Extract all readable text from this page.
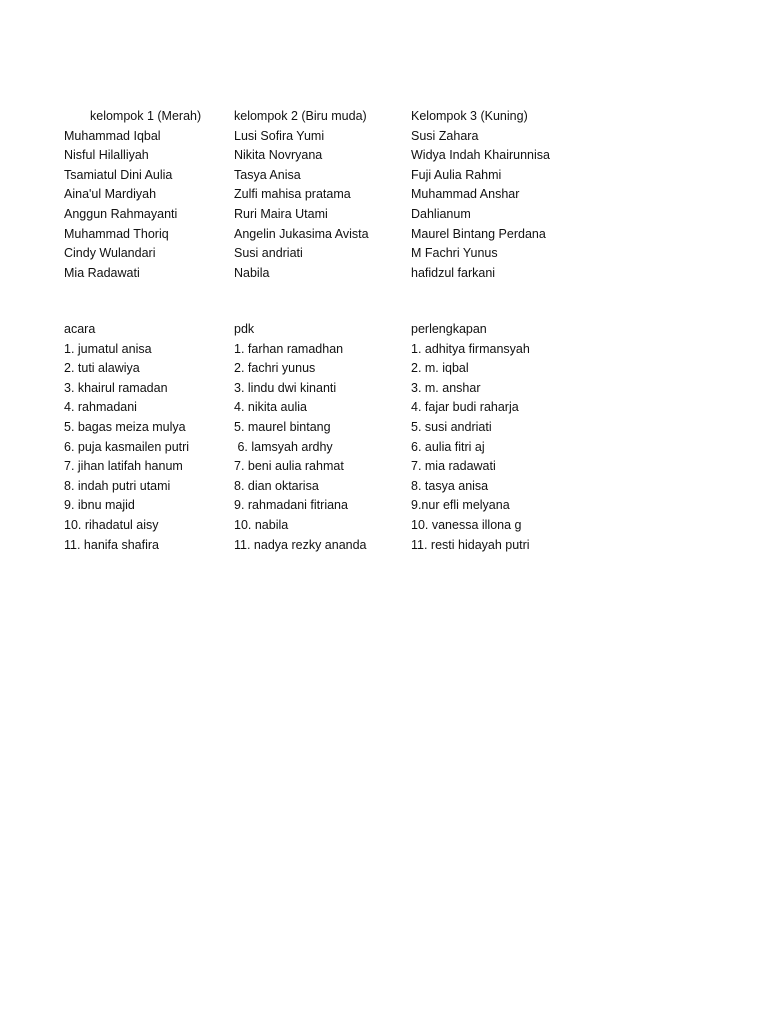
kelompok 1 (Merah)
Muhammad Iqbal
Nisful Hilalliyah
Tsamiatul Dini Aulia
Aina'ul Mardiyah
Anggun Rahmayanti
Muhammad Thoriq
Cindy Wulandari
Mia Radawati
kelompok 2 (Biru muda)
Lusi Sofira Yumi
Nikita Novryana
Tasya Anisa
Zulfi mahisa pratama
Ruri Maira Utami
Angelin Jukasima Avista
Susi andriati
Nabila
Kelompok 3 (Kuning)
Susi Zahara
Widya Indah Khairunnisa
Fuji Aulia Rahmi
Muhammad Anshar
Dahlianum
Maurel Bintang Perdana
M Fachri Yunus
hafidzul farkani
acara
1. jumatul anisa
2. tuti alawiya
3. khairul ramadan
4. rahmadani
5. bagas meiza mulya
6. puja kasmailen putri
7. jihan latifah hanum
8. indah putri utami
9. ibnu majid
10. rihadatul aisy
11. hanifa shafira
pdk
1. farhan ramadhan
2. fachri yunus
3. lindu dwi kinanti
4. nikita aulia
5. maurel bintang
6. lamsyah ardhy
7. beni aulia rahmat
8. dian oktarisa
9. rahmadani fitriana
10. nabila
11. nadya rezky ananda
perlengkapan
1. adhitya firmansyah
2. m. iqbal
3. m. anshar
4. fajar budi raharja
5. susi andriati
6. aulia fitri aj
7. mia radawati
8. tasya anisa
9.nur efli melyana
10. vanessa illona g
11. resti hidayah putri
